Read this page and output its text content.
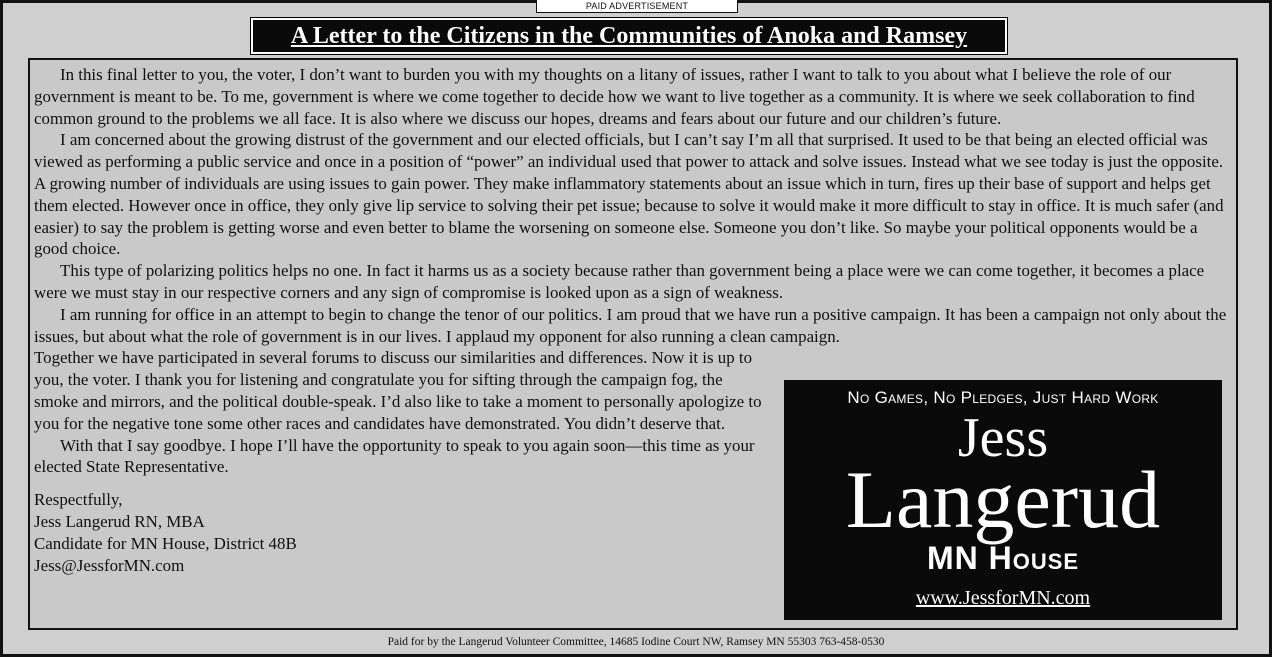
PAID ADVERTISEMENT
A Letter to the Citizens in the Communities of Anoka and Ramsey

In this final letter to you, the voter, I don’t want to burden you with my thoughts on a litany of issues, rather I want to talk to you about what I believe the role of our government is meant to be. To me, government is where we come together to decide how we want to live together as a community. It is where we seek collaboration to find common ground to the problems we all face. It is also where we discuss our hopes, dreams and fears about our future and our children’s future.

I am concerned about the growing distrust of the government and our elected officials, but I can’t say I’m all that surprised. It used to be that being an elected official was viewed as performing a public service and once in a position of “power” an individual used that power to attack and solve issues. Instead what we see today is just the opposite. A growing number of individuals are using issues to gain power. They make inflammatory statements about an issue which in turn, fires up their base of support and helps get them elected. However once in office, they only give lip service to solving their pet issue; because to solve it would make it more difficult to stay in office. It is much safer (and easier) to say the problem is getting worse and even better to blame the worsening on someone else. Someone you don’t like. So maybe your political opponents would be a good choice.

This type of polarizing politics helps no one. In fact it harms us as a society because rather than government being a place were we can come together, it becomes a place were we must stay in our respective corners and any sign of compromise is looked upon as a sign of weakness.

I am running for office in an attempt to begin to change the tenor of our politics. I am proud that we have run a positive campaign. It has been a campaign not only about the issues, but about what the role of government is in our lives. I applaud my opponent for also running a clean campaign.

Together we have participated in several forums to discuss our similarities and differences. Now it is up to you, the voter. I thank you for listening and congratulate you for sifting through the campaign fog, the smoke and mirrors, and the political double-speak. I’d also like to take a moment to personally apologize to you for the negative tone some other races and candidates have demonstrated. You didn’t deserve that.

With that I say goodbye. I hope I’ll have the opportunity to speak to you again soon—this time as your elected State Representative.

Respectfully,
Jess Langerud RN, MBA
Candidate for MN House, District 48B
Jess@JessforMN.com
No Games, No Pledges, Just Hard Work
Jess
Langerud
MN House
www.JessforMN.com
Paid for by the Langerud Volunteer Committee, 14685 Iodine Court NW, Ramsey MN 55303 763-458-0530
